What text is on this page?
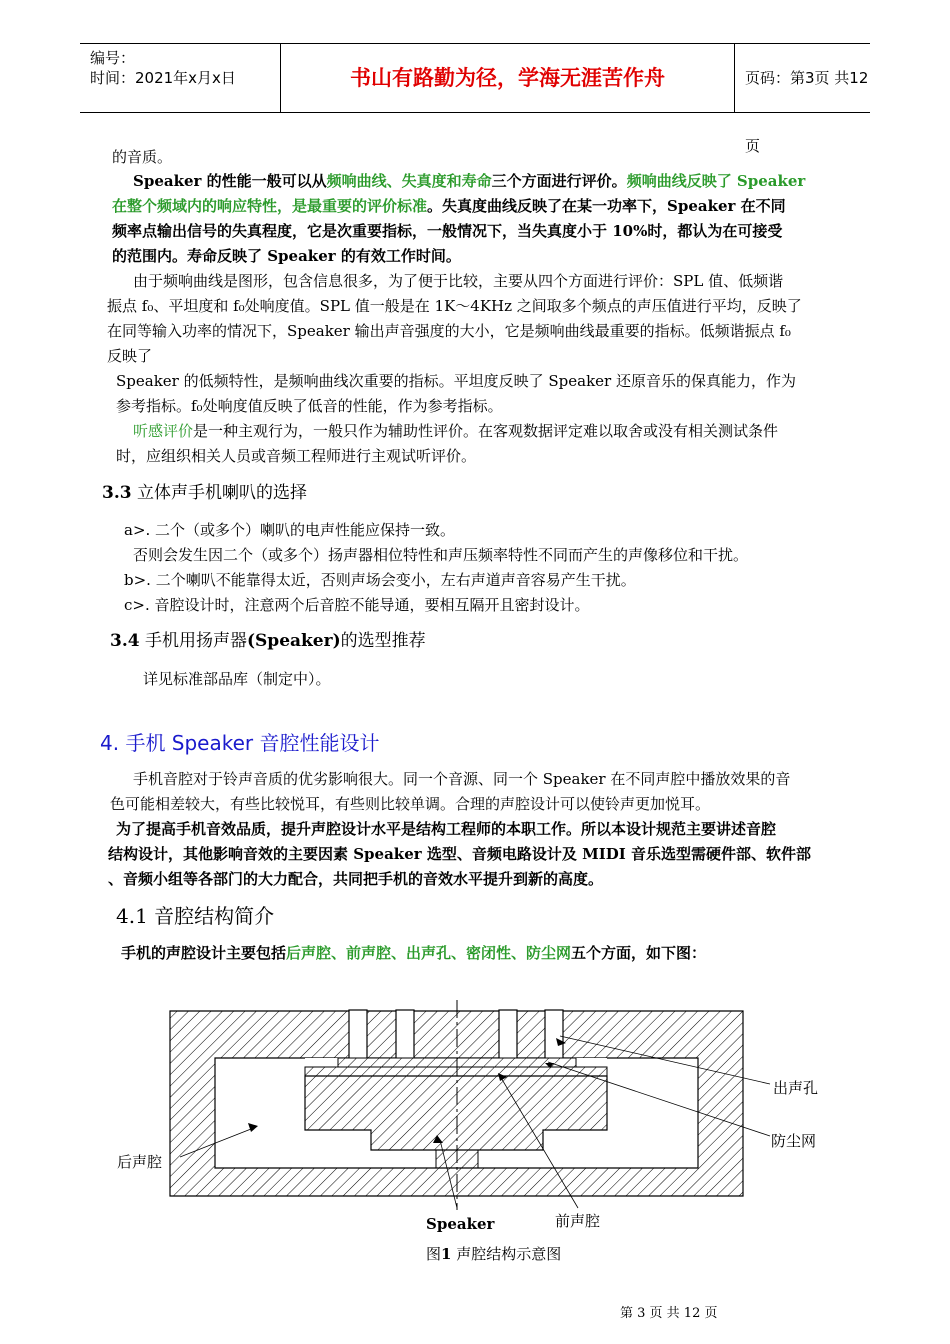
编号：
时间：2021年x月x日	书山有路勤为径，学海无涯苦作舟	页码：第3页 共12页
的音质。
Speaker 的性能一般可以从频响曲线、失真度和寿命三个方面进行评价。频响曲线反映了 Speaker
在整个频域内的响应特性，是最重要的评价标准。失真度曲线反映了在某一功率下，Speaker 在不同
频率点输出信号的失真程度，它是次重要指标，一般情况下，当失真度小于 10%时，都认为在可接受
的范围内。寿命反映了 Speaker 的有效工作时间。
由于频响曲线是图形，包含信息很多，为了便于比较，主要从四个方面进行评价：SPL 值、低频谐
振点 f₀、平坦度和 f₀处响度值。SPL 值一般是在 1K～4KHz 之间取多个频点的声压值进行平均，反映了
在同等输入功率的情况下，Speaker 输出声音强度的大小，它是频响曲线最重要的指标。低频谐振点 f₀
反映了
Speaker 的低频特性，是频响曲线次重要的指标。平坦度反映了 Speaker 还原音乐的保真能力，作为
参考指标。f₀处响度值反映了低音的性能，作为参考指标。
听感评价是一种主观行为，一般只作为辅助性评价。在客观数据评定难以取舍或没有相关测试条件
时，应组织相关人员或音频工程师进行主观试听评价。
3.3 立体声手机喇叭的选择
a>. 二个（或多个）喇叭的电声性能应保持一致。
否则会发生因二个（或多个）扬声器相位特性和声压频率特性不同而产生的声像移位和干扰。
b>. 二个喇叭不能靠得太近，否则声场会变小，左右声道声音容易产生干扰。
c>. 音腔设计时，注意两个后音腔不能导通，要相互隔开且密封设计。
3.4 手机用扬声器(Speaker)的选型推荐
详见标准部品库（制定中）。
4. 手机 Speaker 音腔性能设计
手机音腔对于铃声音质的优劣影响很大。同一个音源、同一个 Speaker 在不同声腔中播放效果的音
色可能相差较大，有些比较悦耳，有些则比较单调。合理的声腔设计可以使铃声更加悦耳。
为了提高手机音效品质，提升声腔设计水平是结构工程师的本职工作。所以本设计规范主要讲述音腔
结构设计，其他影响音效的主要因素 Speaker 选型、音频电路设计及 MIDI 音乐选型需硬件部、软件部
、音频小组等各部门的大力配合，共同把手机的音效水平提升到新的高度。
4.1 音腔结构简介
手机的声腔设计主要包括后声腔、前声腔、出声孔、密闭性、防尘网五个方面，如下图：
出声孔
防尘网
后声腔
Speaker	前声腔
图1 声腔结构示意图
第 3 页 共 12 页
